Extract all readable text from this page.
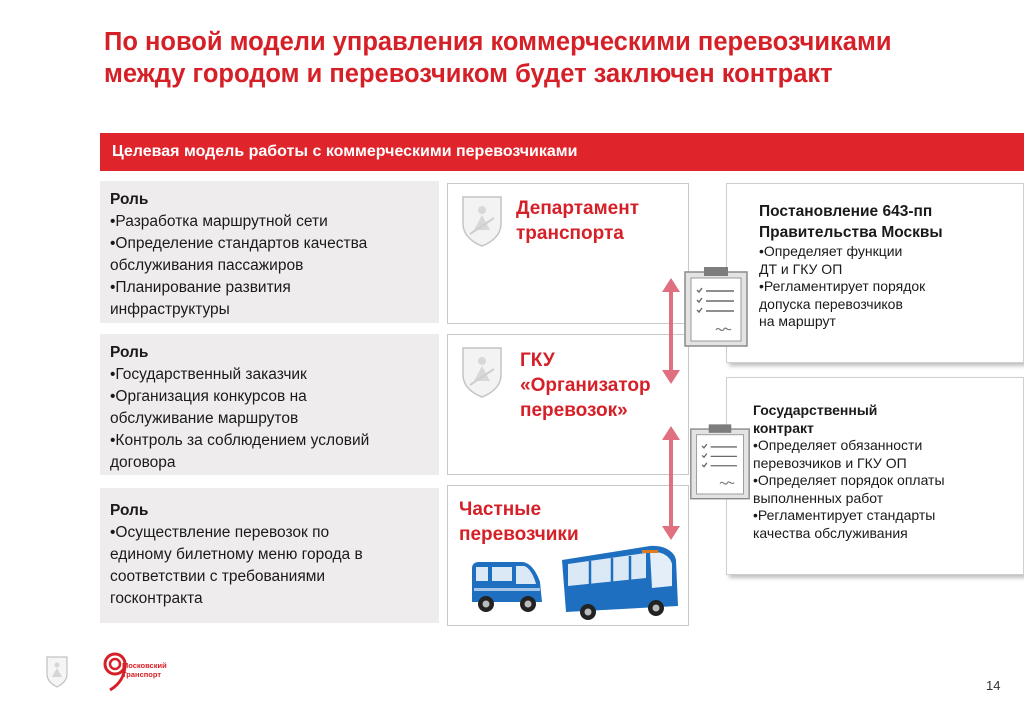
По новой модели управления коммерческими перевозчиками
между городом и перевозчиком будет заключен контракт
Целевая модель работы с коммерческими перевозчиками
Роль
•Разработка маршрутной сети
•Определение стандартов качества
обслуживания пассажиров
•Планирование развития
инфраструктуры
Роль
•Государственный заказчик
•Организация конкурсов на
обслуживание маршрутов
•Контроль за соблюдением условий
договора
Роль
•Осуществление перевозок по
единому билетному меню города в
соответствии с требованиями
госконтракта
Департамент
транспорта
ГКУ
«Организатор
перевозок»
Частные
перевозчики
Постановление 643-пп
Правительства Москвы
•Определяет функции
ДТ и ГКУ ОП
•Регламентирует порядок
допуска перевозчиков
на маршрут
Государственный
контракт
•Определяет обязанности
перевозчиков и ГКУ ОП
•Определяет порядок оплаты
выполненных работ
•Регламентирует стандарты
качества обслуживания
Московский
Транспорт
14
